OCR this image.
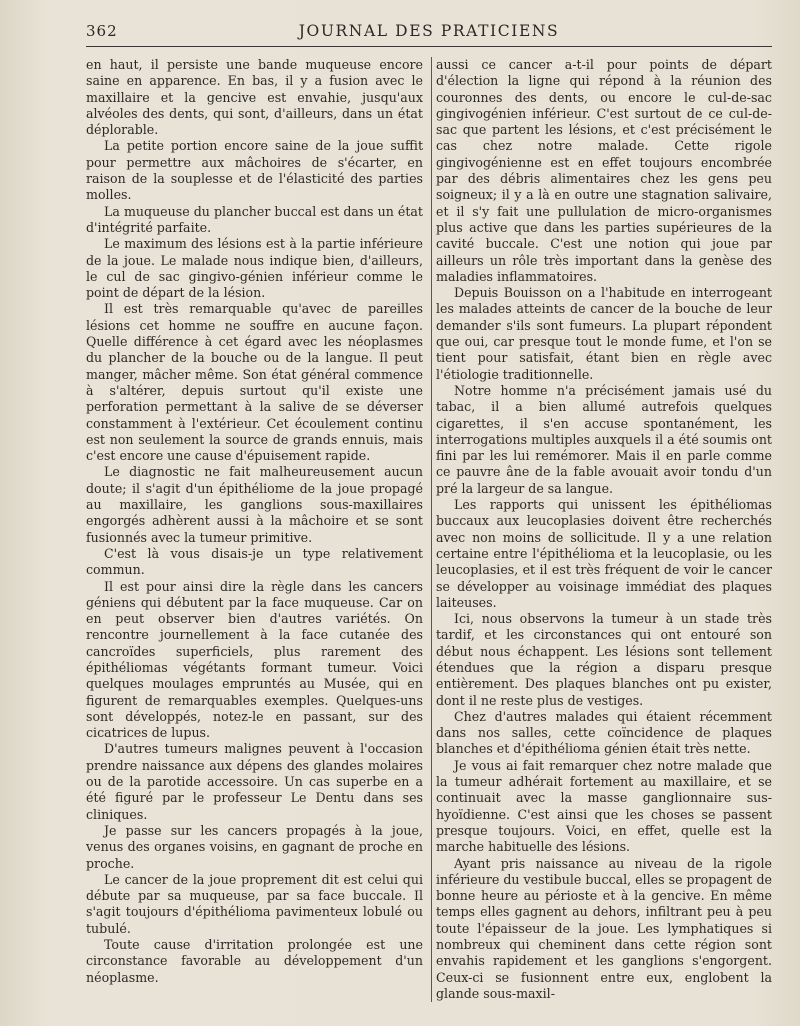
362	JOURNAL DES PRATICIENS

en haut, il persiste une bande muqueuse encore saine en apparence. En bas, il y a fusion avec le maxillaire et la gencive est envahie, jusqu'aux alvéoles des dents, qui sont, d'ailleurs, dans un état déplorable.

La petite portion encore saine de la joue suffit pour permettre aux mâchoires de s'écarter, en raison de la souplesse et de l'élasticité des parties molles.

La muqueuse du plancher buccal est dans un état d'intégrité parfaite.

Le maximum des lésions est à la partie inférieure de la joue. Le malade nous indique bien, d'ailleurs, le cul de sac gingivo-génien inférieur comme le point de départ de la lésion.

Il est très remarquable qu'avec de pareilles lésions cet homme ne souffre en aucune façon. Quelle différence à cet égard avec les néoplasmes du plancher de la bouche ou de la langue. Il peut manger, mâcher même. Son état général commence à s'altérer, depuis surtout qu'il existe une perforation permettant à la salive de se déverser constamment à l'extérieur. Cet écoulement continu est non seulement la source de grands ennuis, mais c'est encore une cause d'épuisement rapide.

Le diagnostic ne fait malheureusement aucun doute; il s'agit d'un épithéliome de la joue propagé au maxillaire, les ganglions sous-maxillaires engorgés adhèrent aussi à la mâchoire et se sont fusionnés avec la tumeur primitive.

C'est là vous disais-je un type relativement commun.

Il est pour ainsi dire la règle dans les cancers géniens qui débutent par la face muqueuse. Car on en peut observer bien d'autres variétés. On rencontre journellement à la face cutanée des cancroïdes superficiels, plus rarement des épithéliomas végétants formant tumeur. Voici quelques moulages empruntés au Musée, qui en figurent de remarquables exemples. Quelques-uns sont développés, notez-le en passant, sur des cicatrices de lupus.

D'autres tumeurs malignes peuvent à l'occasion prendre naissance aux dépens des glandes molaires ou de la parotide accessoire. Un cas superbe en a été figuré par le professeur Le Dentu dans ses cliniques.

Je passe sur les cancers propagés à la joue, venus des organes voisins, en gagnant de proche en proche.

Le cancer de la joue proprement dit est celui qui débute par sa muqueuse, par sa face buccale. Il s'agit toujours d'épithélioma pavimenteux lobulé ou tubulé.

Toute cause d'irritation prolongée est une circonstance favorable au développement d'un néoplasme.

aussi ce cancer a-t-il pour points de départ d'élection la ligne qui répond à la réunion des couronnes des dents, ou encore le cul-de-sac gingivogénien inférieur. C'est surtout de ce cul-de-sac que partent les lésions, et c'est précisément le cas chez notre malade. Cette rigole gingivogénienne est en effet toujours encombrée par des débris alimentaires chez les gens peu soigneux; il y a là en outre une stagnation salivaire, et il s'y fait une pullulation de micro-organismes plus active que dans les parties supérieures de la cavité buccale. C'est une notion qui joue par ailleurs un rôle très important dans la genèse des maladies inflammatoires.

Depuis Bouisson on a l'habitude en interrogeant les malades atteints de cancer de la bouche de leur demander s'ils sont fumeurs. La plupart répondent que oui, car presque tout le monde fume, et l'on se tient pour satisfait, étant bien en règle avec l'étiologie traditionnelle.

Notre homme n'a précisément jamais usé du tabac, il a bien allumé autrefois quelques cigarettes, il s'en accuse spontanément, les interrogations multiples auxquels il a été soumis ont fini par les lui remémorer. Mais il en parle comme ce pauvre âne de la fable avouait avoir tondu d'un pré la largeur de sa langue.

Les rapports qui unissent les épithéliomas buccaux aux leucoplasies doivent être recherchés avec non moins de sollicitude. Il y a une relation certaine entre l'épithélioma et la leucoplasie, ou les leucoplasies, et il est très fréquent de voir le cancer se développer au voisinage immédiat des plaques laiteuses.

Ici, nous observons la tumeur à un stade très tardif, et les circonstances qui ont entouré son début nous échappent. Les lésions sont tellement étendues que la région a disparu presque entièrement. Des plaques blanches ont pu exister, dont il ne reste plus de vestiges.

Chez d'autres malades qui étaient récemment dans nos salles, cette coïncidence de plaques blanches et d'épithélioma génien était très nette.

Je vous ai fait remarquer chez notre malade que la tumeur adhérait fortement au maxillaire, et se continuait avec la masse ganglionnaire sus-hyoïdienne. C'est ainsi que les choses se passent presque toujours. Voici, en effet, quelle est la marche habituelle des lésions.

Ayant pris naissance au niveau de la rigole inférieure du vestibule buccal, elles se propagent de bonne heure au périoste et à la gencive. En même temps elles gagnent au dehors, infiltrant peu à peu toute l'épaisseur de la joue. Les lymphatiques si nombreux qui cheminent dans cette région sont envahis rapidement et les ganglions s'engorgent. Ceux-ci se fusionnent entre eux, englobent la glande sous-maxil-
